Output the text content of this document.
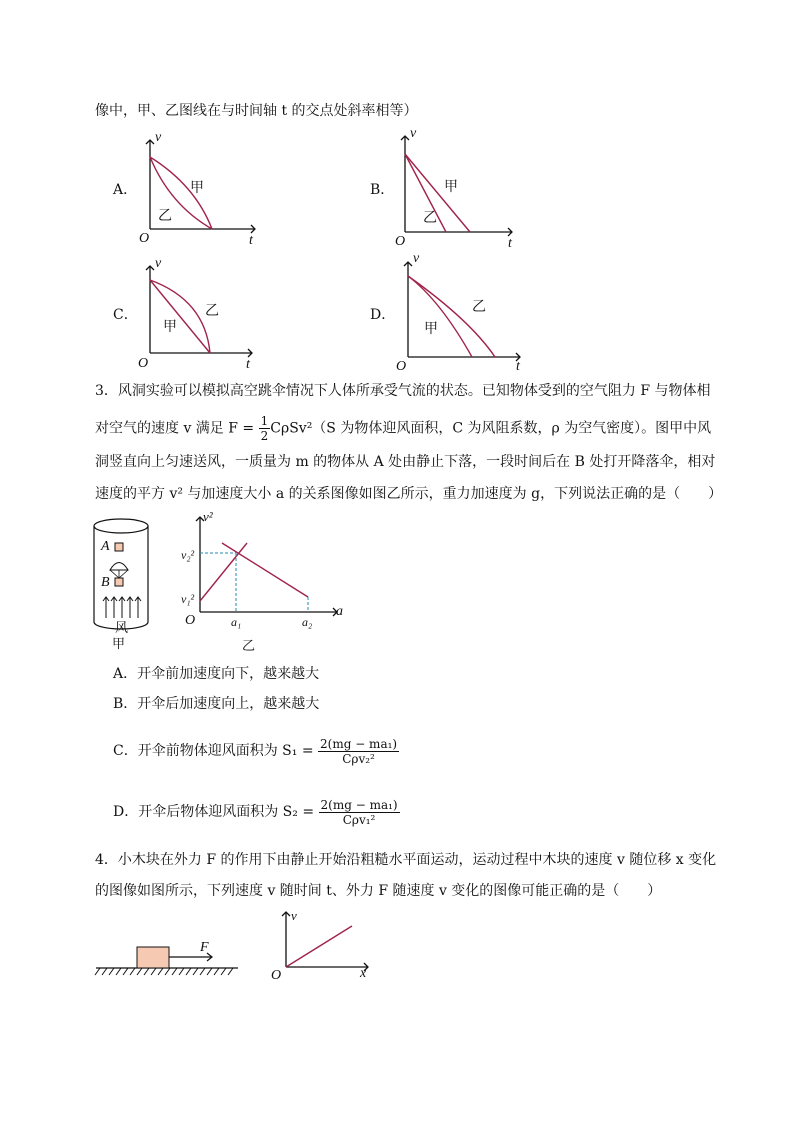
像中，甲、乙图线在与时间轴 t 的交点处斜率相等）
A．
v
甲
乙
O	t
B．
v
甲
乙
O	t
C．
v
甲
乙
O	t
D．
v
甲
乙
O	t
3．风洞实验可以模拟高空跳伞情况下人体所承受气流的状态。已知物体受到的空气阻力 F 与物体相
对空气的速度 v 满足 $F = \frac{1}{2} C\rho Sv^2(S$ 为物体迎风面积，C 为风阻系数，ρ 为空气密度）。图甲中风
洞竖直向上匀速送风，一质量为 m 的物体从 A 处由静止下落，一段时间后在 B 处打开降落伞，相对
速度的平方 v² 与加速度大小 a 的关系图像如图乙所示，重力加速度为 g，下列说法正确的是（　　）
A
B
风
甲
v²
v₂²
v₁²
O	a₁	a₂
a
乙
A．开伞前加速度向下，越来越大
B．开伞后加速度向上，越来越大
C．开伞前物体迎风面积为 $S_1 = \frac{\text{2(mg − ma₁)}}{\text{Cρv₂²}}$
D．开伞后物体迎风面积为 $S_2 = \frac{\text{2(mg − ma₁)}}{\text{Cρv₁²}}$
4．小木块在外力 F 的作用下由静止开始沿粗糙水平面运动，运动过程中木块的速度 v 随位移 x 变化
的图像如图所示，下列速度 v 随时间 t、外力 F 随速度 v 变化的图像可能正确的是（　　）
F
v
x
O
